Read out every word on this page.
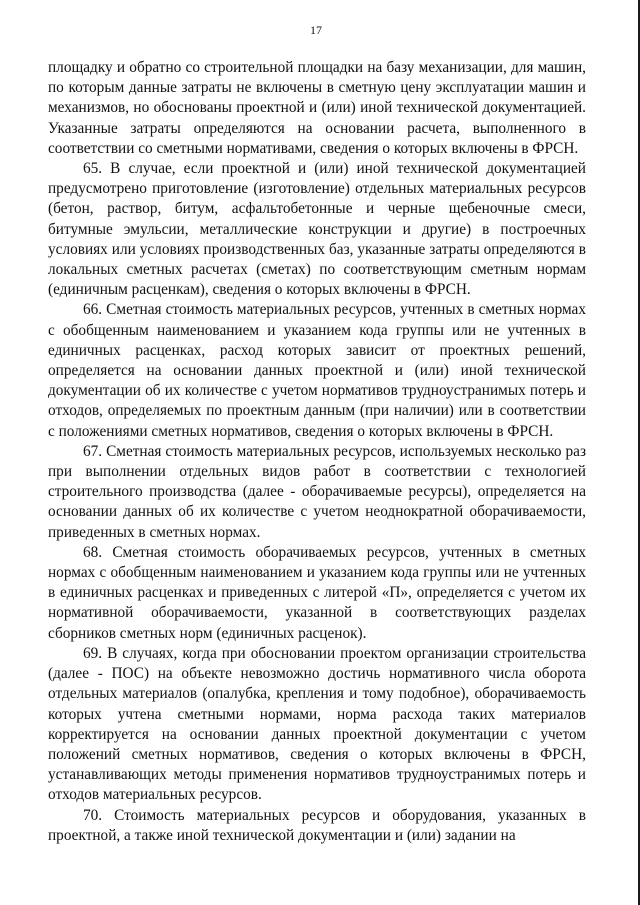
17

площадку и обратно со строительной площадки на базу механизации, для машин, по которым данные затраты не включены в сметную цену эксплуатации машин и механизмов, но обоснованы проектной и (или) иной технической документацией. Указанные затраты определяются на основании расчета, выполненного в соответствии со сметными нормативами, сведения о которых включены в ФРСН.

65. В случае, если проектной и (или) иной технической документацией предусмотрено приготовление (изготовление) отдельных материальных ресурсов (бетон, раствор, битум, асфальтобетонные и черные щебеночные смеси, битумные эмульсии, металлические конструкции и другие) в построечных условиях или условиях производственных баз, указанные затраты определяются в локальных сметных расчетах (сметах) по соответствующим сметным нормам (единичным расценкам), сведения о которых включены в ФРСН.

66. Сметная стоимость материальных ресурсов, учтенных в сметных нормах с обобщенным наименованием и указанием кода группы или не учтенных в единичных расценках, расход которых зависит от проектных решений, определяется на основании данных проектной и (или) иной технической документации об их количестве с учетом нормативов трудноустранимых потерь и отходов, определяемых по проектным данным (при наличии) или в соответствии с положениями сметных нормативов, сведения о которых включены в ФРСН.

67. Сметная стоимость материальных ресурсов, используемых несколько раз при выполнении отдельных видов работ в соответствии с технологией строительного производства (далее - оборачиваемые ресурсы), определяется на основании данных об их количестве с учетом неоднократной оборачиваемости, приведенных в сметных нормах.

68. Сметная стоимость оборачиваемых ресурсов, учтенных в сметных нормах с обобщенным наименованием и указанием кода группы или не учтенных в единичных расценках и приведенных с литерой «П», определяется с учетом их нормативной оборачиваемости, указанной в соответствующих разделах сборников сметных норм (единичных расценок).

69. В случаях, когда при обосновании проектом организации строительства (далее - ПОС) на объекте невозможно достичь нормативного числа оборота отдельных материалов (опалубка, крепления и тому подобное), оборачиваемость которых учтена сметными нормами, норма расхода таких материалов корректируется на основании данных проектной документации с учетом положений сметных нормативов, сведения о которых включены в ФРСН, устанавливающих методы применения нормативов трудноустранимых потерь и отходов материальных ресурсов.

70. Стоимость материальных ресурсов и оборудования, указанных в проектной, а также иной технической документации и (или) задании на
